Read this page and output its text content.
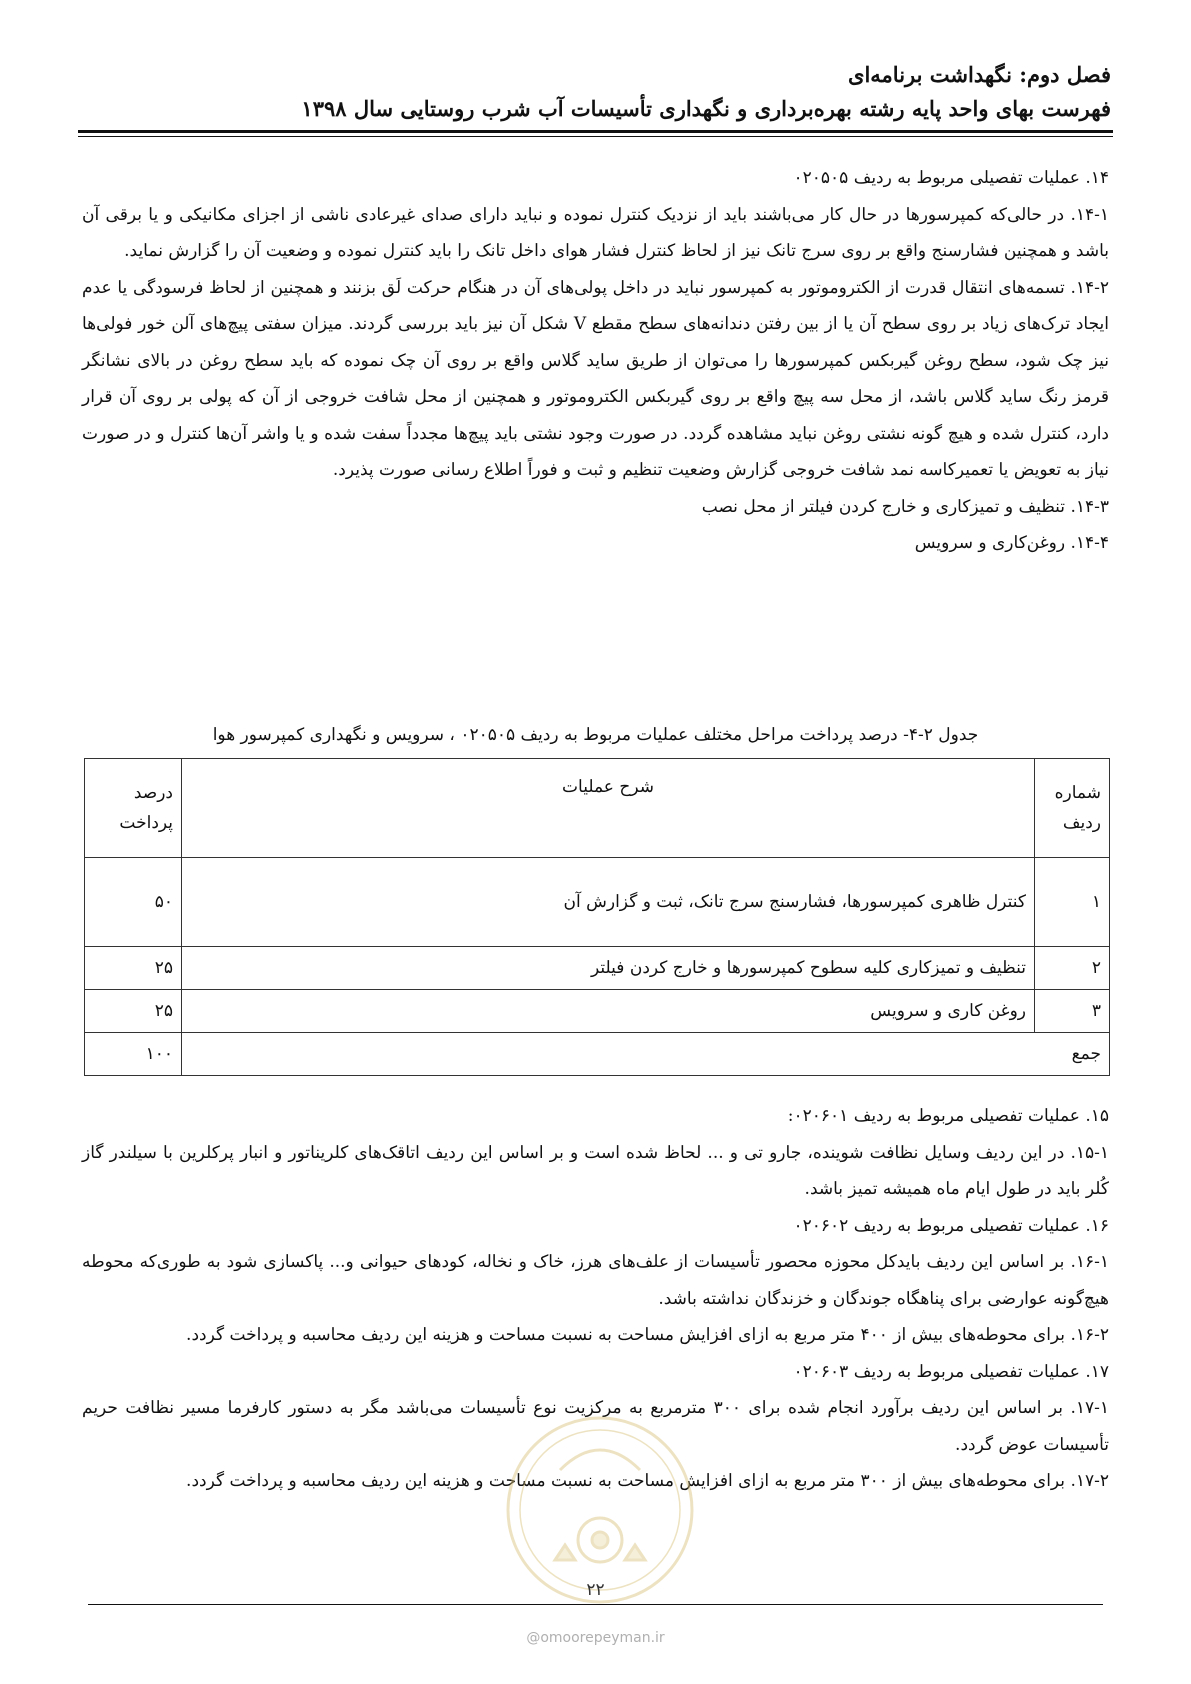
فصل دوم: نگهداشت برنامه‌ای
فهرست بهای واحد پایه رشته بهره‌برداری و نگهداری تأسیسات آب شرب روستایی سال ۱۳۹۸

۱۴. عملیات تفصیلی مربوط به ردیف ۰۲۰۵۰۵

۱۴-۱. در حالی‌که کمپرسورها در حال کار می‌باشند باید از نزدیک کنترل نموده و نباید دارای صدای غیرعادی ناشی از اجزای مکانیکی و یا برقی آن باشد و همچنین فشارسنج واقع بر روی سرج تانک نیز از لحاظ کنترل فشار هوای داخل تانک را باید کنترل نموده و وضعیت آن را گزارش نماید.

۱۴-۲. تسمه‌های انتقال قدرت از الکتروموتور به کمپرسور نباید در داخل پولی‌های آن در هنگام حرکت لَق بزنند و همچنین از لحاظ فرسودگی یا عدم ایجاد ترک‌های زیاد بر روی سطح آن یا از بین رفتن دندانه‌های سطح مقطع V شکل آن نیز باید بررسی گردند. میزان سفتی پیچ‌های آلن خور فولی‌ها نیز چک شود، سطح روغن گیربکس کمپرسورها را می‌توان از طریق ساید گلاس واقع بر روی آن چک نموده که باید سطح روغن در بالای نشانگر قرمز رنگ ساید گلاس باشد، از محل سه پیچ واقع بر روی گیربکس الکتروموتور و همچنین از محل شافت خروجی از آن که پولی بر روی آن قرار دارد، کنترل شده و هیچ گونه نشتی روغن نباید مشاهده گردد. در صورت وجود نشتی باید پیچ‌ها مجدداً سفت شده و یا واشر آن‌ها کنترل و در صورت نیاز به تعویض یا تعمیرکاسه نمد شافت خروجی گزارش وضعیت تنظیم و ثبت و فوراً اطلاع رسانی صورت پذیرد.

۱۴-۳. تنظیف و تمیزکاری و خارج کردن فیلتر از محل نصب

۱۴-۴. روغن‌کاری و سرویس

جدول ۲-۴- درصد پرداخت مراحل مختلف عملیات مربوط به ردیف ۰۲۰۵۰۵ ، سرویس و نگهداری کمپرسور هوا
شماره ردیف	شرح عملیات	درصد پرداخت
۱	کنترل ظاهری کمپرسورها، فشارسنج سرج تانک، ثبت و گزارش آن	۵۰
۲	تنظیف و تمیزکاری کلیه سطوح کمپرسورها و خارج کردن فیلتر	۲۵
۳	روغن کاری و سرویس	۲۵
جمع		۱۰۰

۱۵. عملیات تفصیلی مربوط به ردیف ۰۲۰۶۰۱:

۱۵-۱. در این ردیف وسایل نظافت شوینده، جارو تی و ... لحاظ شده است و بر اساس این ردیف اتاقک‌های کلریناتور و انبار پرکلرین با سیلندر گاز کُلر باید در طول ایام ماه همیشه تمیز باشد.

۱۶. عملیات تفصیلی مربوط به ردیف ۰۲۰۶۰۲

۱۶-۱. بر اساس این ردیف بایدکل محوزه محصور تأسیسات از علف‌های هرز، خاک و نخاله، کودهای حیوانی و... پاکسازی شود به طوری‌که محوطه هیچ‌گونه عوارضی برای پناهگاه جوندگان و خزندگان نداشته باشد.

۱۶-۲. برای محوطه‌های بیش از ۴۰۰ متر مربع به ازای افزایش مساحت به نسبت مساحت و هزینه این ردیف محاسبه و پرداخت گردد.

۱۷. عملیات تفصیلی مربوط به ردیف ۰۲۰۶۰۳

۱۷-۱. بر اساس این ردیف برآورد انجام شده برای ۳۰۰ مترمربع به مرکزیت نوع تأسیسات می‌باشد مگر به دستور کارفرما مسیر نظافت حریم تأسیسات عوض گردد.

۱۷-۲. برای محوطه‌های بیش از ۳۰۰ متر مربع به ازای افزایش مساحت به نسبت مساحت و هزینه این ردیف محاسبه و پرداخت گردد.

۲۲
@omoorepeyman.ir
